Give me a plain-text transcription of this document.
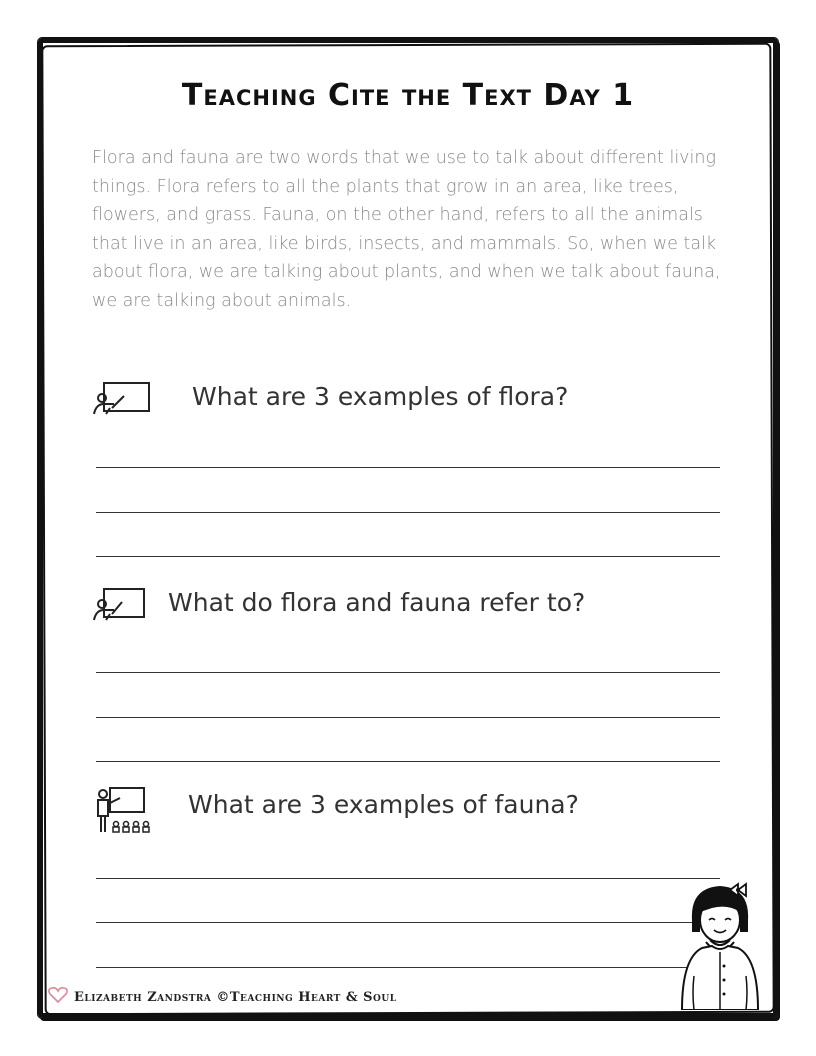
Teaching Cite the Text Day 1
Flora and fauna are two words that we use to talk about different living things. Flora refers to all the plants that grow in an area, like trees, flowers, and grass. Fauna, on the other hand, refers to all the animals that live in an area, like birds, insects, and mammals. So, when we talk about flora, we are talking about plants, and when we talk about fauna, we are talking about animals.
What are 3 examples of flora?
What do flora and fauna refer to?
What are 3 examples of fauna?
Elizabeth Zandstra ©Teaching Heart & Soul
